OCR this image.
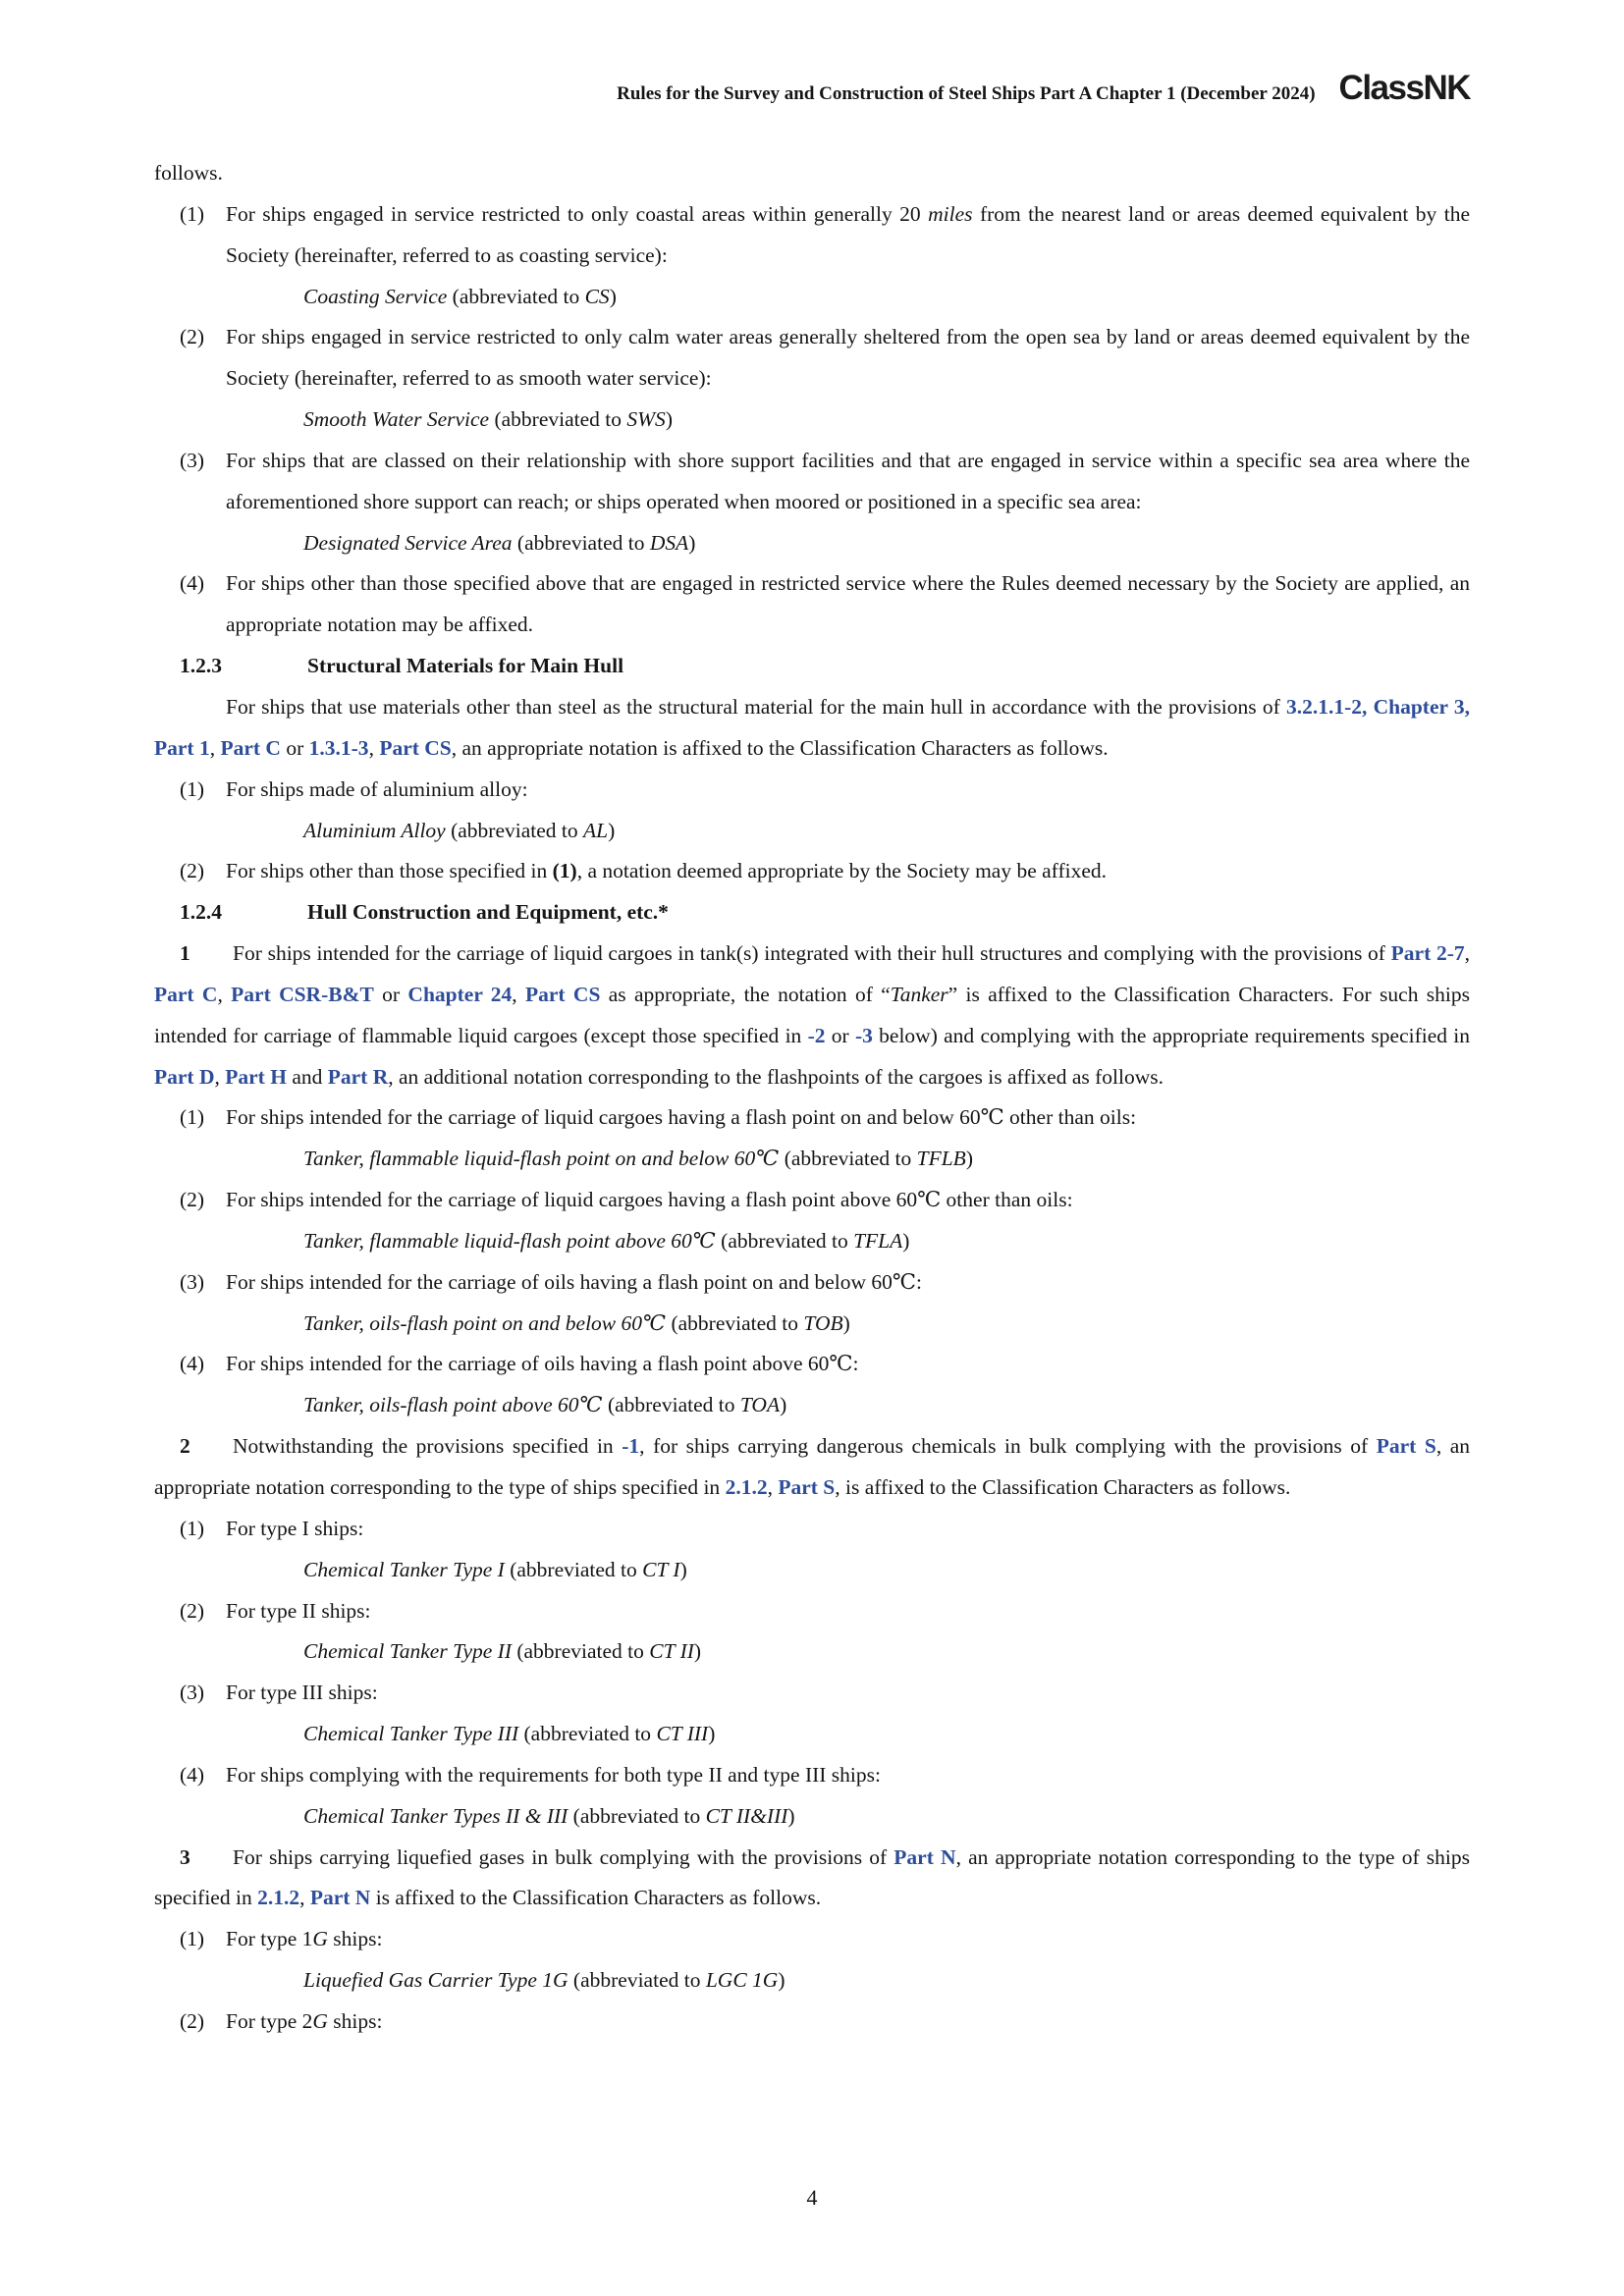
Rules for the Survey and Construction of Steel Ships Part A Chapter 1 (December 2024) ClassNK
follows.
(1) For ships engaged in service restricted to only coastal areas within generally 20 miles from the nearest land or areas deemed equivalent by the Society (hereinafter, referred to as coasting service):
Coasting Service (abbreviated to CS)
(2) For ships engaged in service restricted to only calm water areas generally sheltered from the open sea by land or areas deemed equivalent by the Society (hereinafter, referred to as smooth water service):
Smooth Water Service (abbreviated to SWS)
(3) For ships that are classed on their relationship with shore support facilities and that are engaged in service within a specific sea area where the aforementioned shore support can reach; or ships operated when moored or positioned in a specific sea area:
Designated Service Area (abbreviated to DSA)
(4) For ships other than those specified above that are engaged in restricted service where the Rules deemed necessary by the Society are applied, an appropriate notation may be affixed.
1.2.3	Structural Materials for Main Hull
For ships that use materials other than steel as the structural material for the main hull in accordance with the provisions of 3.2.1.1-2, Chapter 3, Part 1, Part C or 1.3.1-3, Part CS, an appropriate notation is affixed to the Classification Characters as follows.
(1) For ships made of aluminium alloy:
Aluminium Alloy (abbreviated to AL)
(2) For ships other than those specified in (1), a notation deemed appropriate by the Society may be affixed.
1.2.4	Hull Construction and Equipment, etc.*
1 For ships intended for the carriage of liquid cargoes in tank(s) integrated with their hull structures and complying with the provisions of Part 2-7, Part C, Part CSR-B&T or Chapter 24, Part CS as appropriate, the notation of “Tanker” is affixed to the Classification Characters. For such ships intended for carriage of flammable liquid cargoes (except those specified in -2 or -3 below) and complying with the appropriate requirements specified in Part D, Part H and Part R, an additional notation corresponding to the flashpoints of the cargoes is affixed as follows.
(1) For ships intended for the carriage of liquid cargoes having a flash point on and below 60℃ other than oils:
Tanker, flammable liquid-flash point on and below 60℃ (abbreviated to TFLB)
(2) For ships intended for the carriage of liquid cargoes having a flash point above 60℃ other than oils:
Tanker, flammable liquid-flash point above 60℃ (abbreviated to TFLA)
(3) For ships intended for the carriage of oils having a flash point on and below 60℃:
Tanker, oils-flash point on and below 60℃ (abbreviated to TOB)
(4) For ships intended for the carriage of oils having a flash point above 60℃:
Tanker, oils-flash point above 60℃ (abbreviated to TOA)
2 Notwithstanding the provisions specified in -1, for ships carrying dangerous chemicals in bulk complying with the provisions of Part S, an appropriate notation corresponding to the type of ships specified in 2.1.2, Part S, is affixed to the Classification Characters as follows.
(1) For type I ships:
Chemical Tanker Type I (abbreviated to CT I)
(2) For type II ships:
Chemical Tanker Type II (abbreviated to CT II)
(3) For type III ships:
Chemical Tanker Type III (abbreviated to CT III)
(4) For ships complying with the requirements for both type II and type III ships:
Chemical Tanker Types II & III (abbreviated to CT II&III)
3 For ships carrying liquefied gases in bulk complying with the provisions of Part N, an appropriate notation corresponding to the type of ships specified in 2.1.2, Part N is affixed to the Classification Characters as follows.
(1) For type 1G ships:
Liquefied Gas Carrier Type 1G (abbreviated to LGC 1G)
(2) For type 2G ships:
4
